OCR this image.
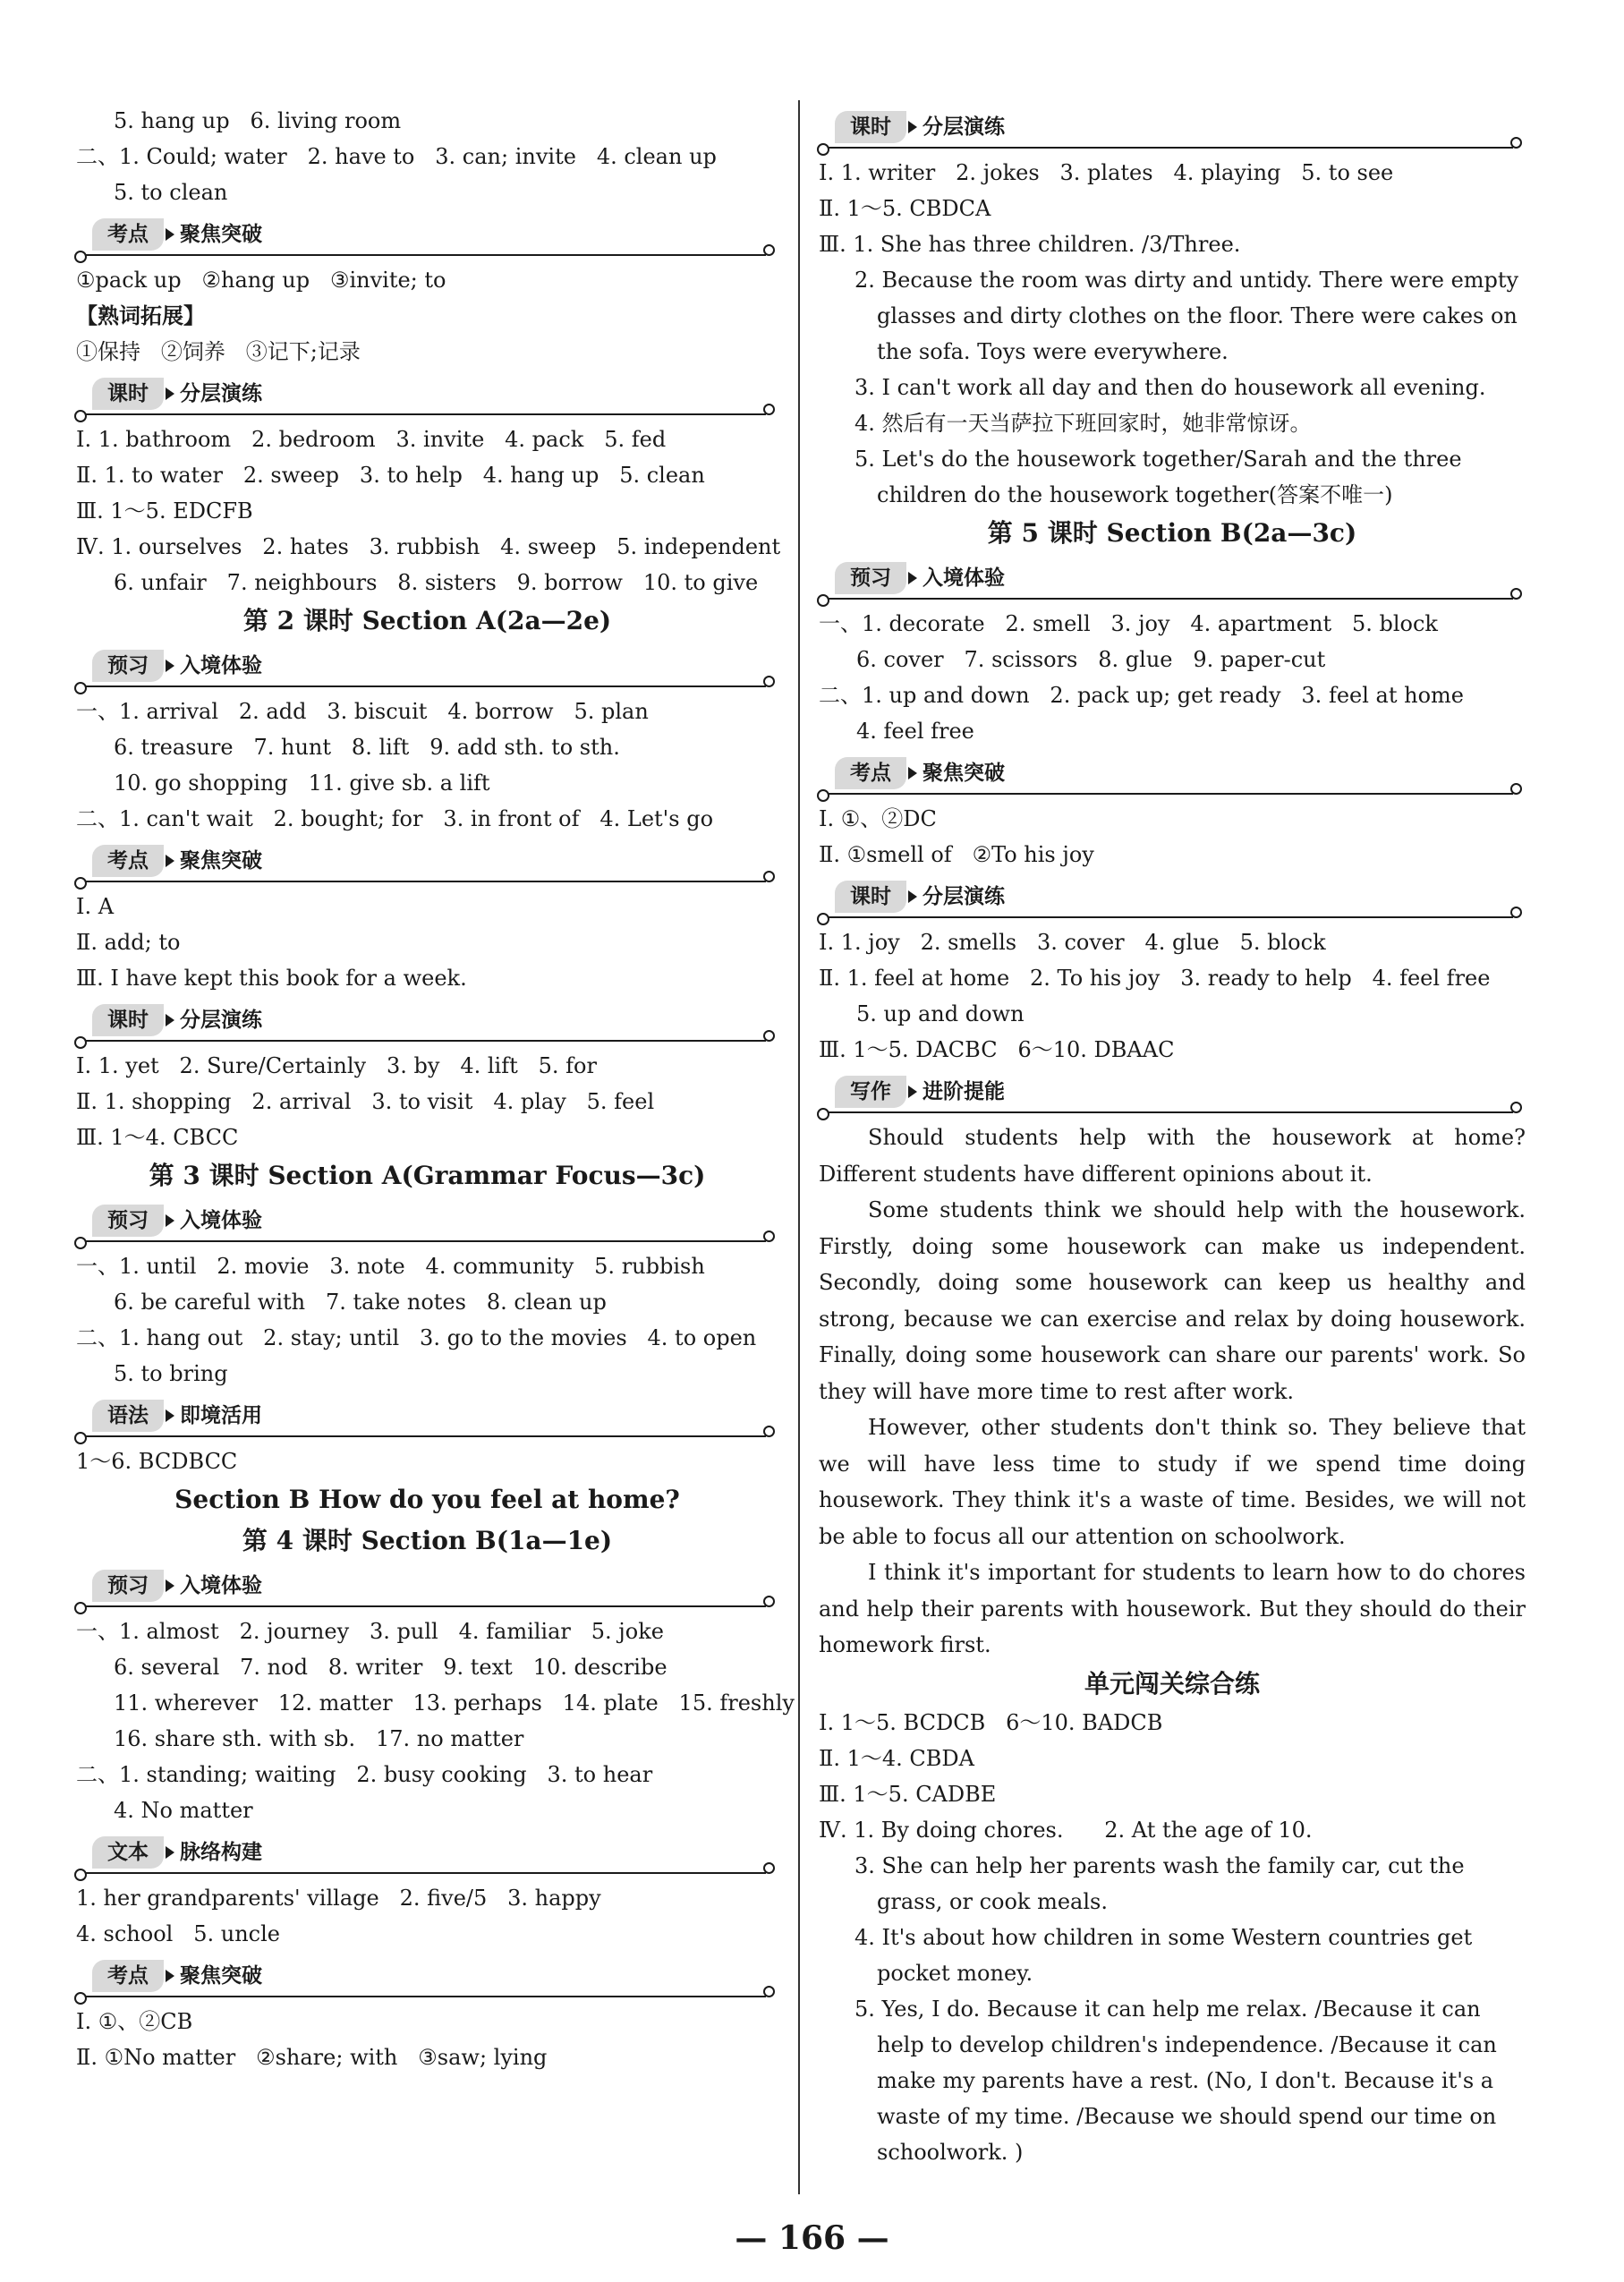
5. hang up   6. living room
二、1. Could; water   2. have to   3. can; invite   4. clean up
5. to clean
考点	聚焦突破
①pack up   ②hang up   ③invite; to
【熟词拓展】
①保持   ②饲养   ③记下;记录
课时	分层演练
Ⅰ. 1. bathroom   2. bedroom   3. invite   4. pack   5. fed
Ⅱ. 1. to water   2. sweep   3. to help   4. hang up   5. clean
Ⅲ. 1～5. EDCFB
Ⅳ. 1. ourselves   2. hates   3. rubbish   4. sweep   5. independent
6. unfair   7. neighbours   8. sisters   9. borrow   10. to give
第 2 课时 Section A(2a—2e)
预习	入境体验
一、1. arrival   2. add   3. biscuit   4. borrow   5. plan
6. treasure   7. hunt   8. lift   9. add sth. to sth.
10. go shopping   11. give sb. a lift
二、1. can't wait   2. bought; for   3. in front of   4. Let's go
考点	聚焦突破
Ⅰ. A
Ⅱ. add; to
Ⅲ. I have kept this book for a week.
课时	分层演练
Ⅰ. 1. yet   2. Sure/Certainly   3. by   4. lift   5. for
Ⅱ. 1. shopping   2. arrival   3. to visit   4. play   5. feel
Ⅲ. 1～4. CBCC
第 3 课时 Section A(Grammar Focus—3c)
预习	入境体验
一、1. until   2. movie   3. note   4. community   5. rubbish
6. be careful with   7. take notes   8. clean up
二、1. hang out   2. stay; until   3. go to the movies   4. to open
5. to bring
语法	即境活用
1～6. BCDBCC
Section B How do you feel at home?
第 4 课时 Section B(1a—1e)
预习	入境体验
一、1. almost   2. journey   3. pull   4. familiar   5. joke
6. several   7. nod   8. writer   9. text   10. describe
11. wherever   12. matter   13. perhaps   14. plate   15. freshly
16. share sth. with sb.   17. no matter
二、1. standing; waiting   2. busy cooking   3. to hear
4. No matter
文本	脉络构建
1. her grandparents' village   2. five/5   3. happy
4. school   5. uncle
考点	聚焦突破
Ⅰ. ①、②CB
Ⅱ. ①No matter   ②share; with   ③saw; lying
课时	分层演练
Ⅰ. 1. writer   2. jokes   3. plates   4. playing   5. to see
Ⅱ. 1～5. CBDCA
Ⅲ. 1. She has three children. /3/Three.
2. Because the room was dirty and untidy. There were empty glasses and dirty clothes on the floor. There were cakes on the sofa. Toys were everywhere.
3. I can't work all day and then do housework all evening.
4. 然后有一天当萨拉下班回家时，她非常惊讶。
5. Let's do the housework together/Sarah and the three children do the housework together(答案不唯一)
第 5 课时 Section B(2a—3c)
预习	入境体验
一、1. decorate   2. smell   3. joy   4. apartment   5. block
6. cover   7. scissors   8. glue   9. paper-cut
二、1. up and down   2. pack up; get ready   3. feel at home
4. feel free
考点	聚焦突破
Ⅰ. ①、②DC
Ⅱ. ①smell of   ②To his joy
课时	分层演练
Ⅰ. 1. joy   2. smells   3. cover   4. glue   5. block
Ⅱ. 1. feel at home   2. To his joy   3. ready to help   4. feel free
5. up and down
Ⅲ. 1～5. DACBC   6～10. DBAAC
写作	进阶提能
Should students help with the housework at home? Different students have different opinions about it.
Some students think we should help with the housework. Firstly, doing some housework can make us independent. Secondly, doing some housework can keep us healthy and strong, because we can exercise and relax by doing housework. Finally, doing some housework can share our parents' work. So they will have more time to rest after work.
However, other students don't think so. They believe that we will have less time to study if we spend time doing housework. They think it's a waste of time. Besides, we will not be able to focus all our attention on schoolwork.
I think it's important for students to learn how to do chores and help their parents with housework. But they should do their homework first.
单元闯关综合练
Ⅰ. 1～5. BCDCB   6～10. BADCB
Ⅱ. 1～4. CBDA
Ⅲ. 1～5. CADBE
Ⅳ. 1. By doing chores.      2. At the age of 10.
3. She can help her parents wash the family car, cut the grass, or cook meals.
4. It's about how children in some Western countries get pocket money.
5. Yes, I do. Because it can help me relax. /Because it can help to develop children's independence. /Because it can make my parents have a rest. (No, I don't. Because it's a waste of my time. /Because we should spend our time on schoolwork. )
— 166 —
